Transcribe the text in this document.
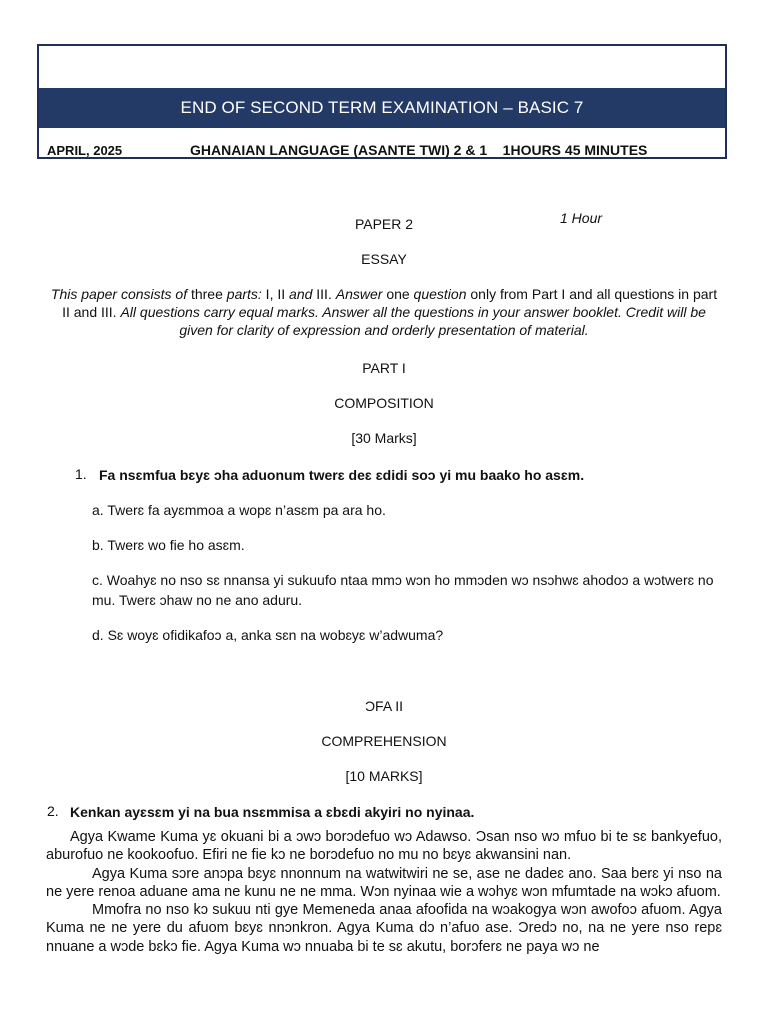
END OF SECOND TERM EXAMINATION – BASIC 7
APRIL, 2025	GHANAIAN LANGUAGE (ASANTE TWI) 2 & 1    1HOURS 45 MINUTES
PAPER 2	1 Hour
ESSAY
This paper consists of three parts: I, II and III. Answer one question only from Part I and all questions in part II and III. All questions carry equal marks. Answer all the questions in your answer booklet. Credit will be given for clarity of expression and orderly presentation of material.
PART I
COMPOSITION
[30 Marks]
1. Fa nsɛmfua bɛyɛ ɔha aduonum twerɛ deɛ ɛdidi soɔ yi mu baako ho asɛm.
a. Twerɛ fa ayɛmmoa a wopɛ n’asɛm pa ara ho.
b. Twerɛ wo fie ho asɛm.
c. Woahyɛ no nso sɛ nnansa yi sukuufo ntaa mmɔ wɔn ho mmɔden wɔ nsɔhwɛ ahodoɔ a wɔtwerɛ no mu. Twerɛ ɔhaw no ne ano aduru.
d. Sɛ woyɛ ofidikafoɔ a, anka sɛn na wobɛyɛ w’adwuma?
ƆFA II
COMPREHENSION
[10 MARKS]
2. Kenkan ayɛsɛm yi na bua nsɛmmisa a ɛbɛdi akyiri no nyinaa.

Agya Kwame Kuma yɛ okuani bi a ɔwɔ borɔdefuo wɔ Adawso. Ɔsan nso wɔ mfuo bi te sɛ bankyefuo, aburofuo ne kookoofuo. Efiri ne fie kɔ ne borɔdefuo no mu no bɛyɛ akwansini nan.

Agya Kuma sɔre anɔpa bɛyɛ nnonnum na watwitwiri ne se, ase ne dadeɛ ano. Saa berɛ yi nso na ne yere renoa aduane ama ne kunu ne ne mma. Wɔn nyinaa wie a wɔhyɛ wɔn mfumtade na wɔkɔ afuom.

Mmofra no nso kɔ sukuu nti gye Memeneda anaa afoofida na wɔakogya wɔn awofoɔ afuom. Agya Kuma ne ne yere du afuom bɛyɛ nnɔnkron. Agya Kuma dɔ n’afuo ase. Ɔredɔ no, na ne yere nso repɛ nnuane a wɔde bɛkɔ fie. Agya Kuma wɔ nnuaba bi te sɛ akutu, borɔferɛ ne paya wɔ ne
